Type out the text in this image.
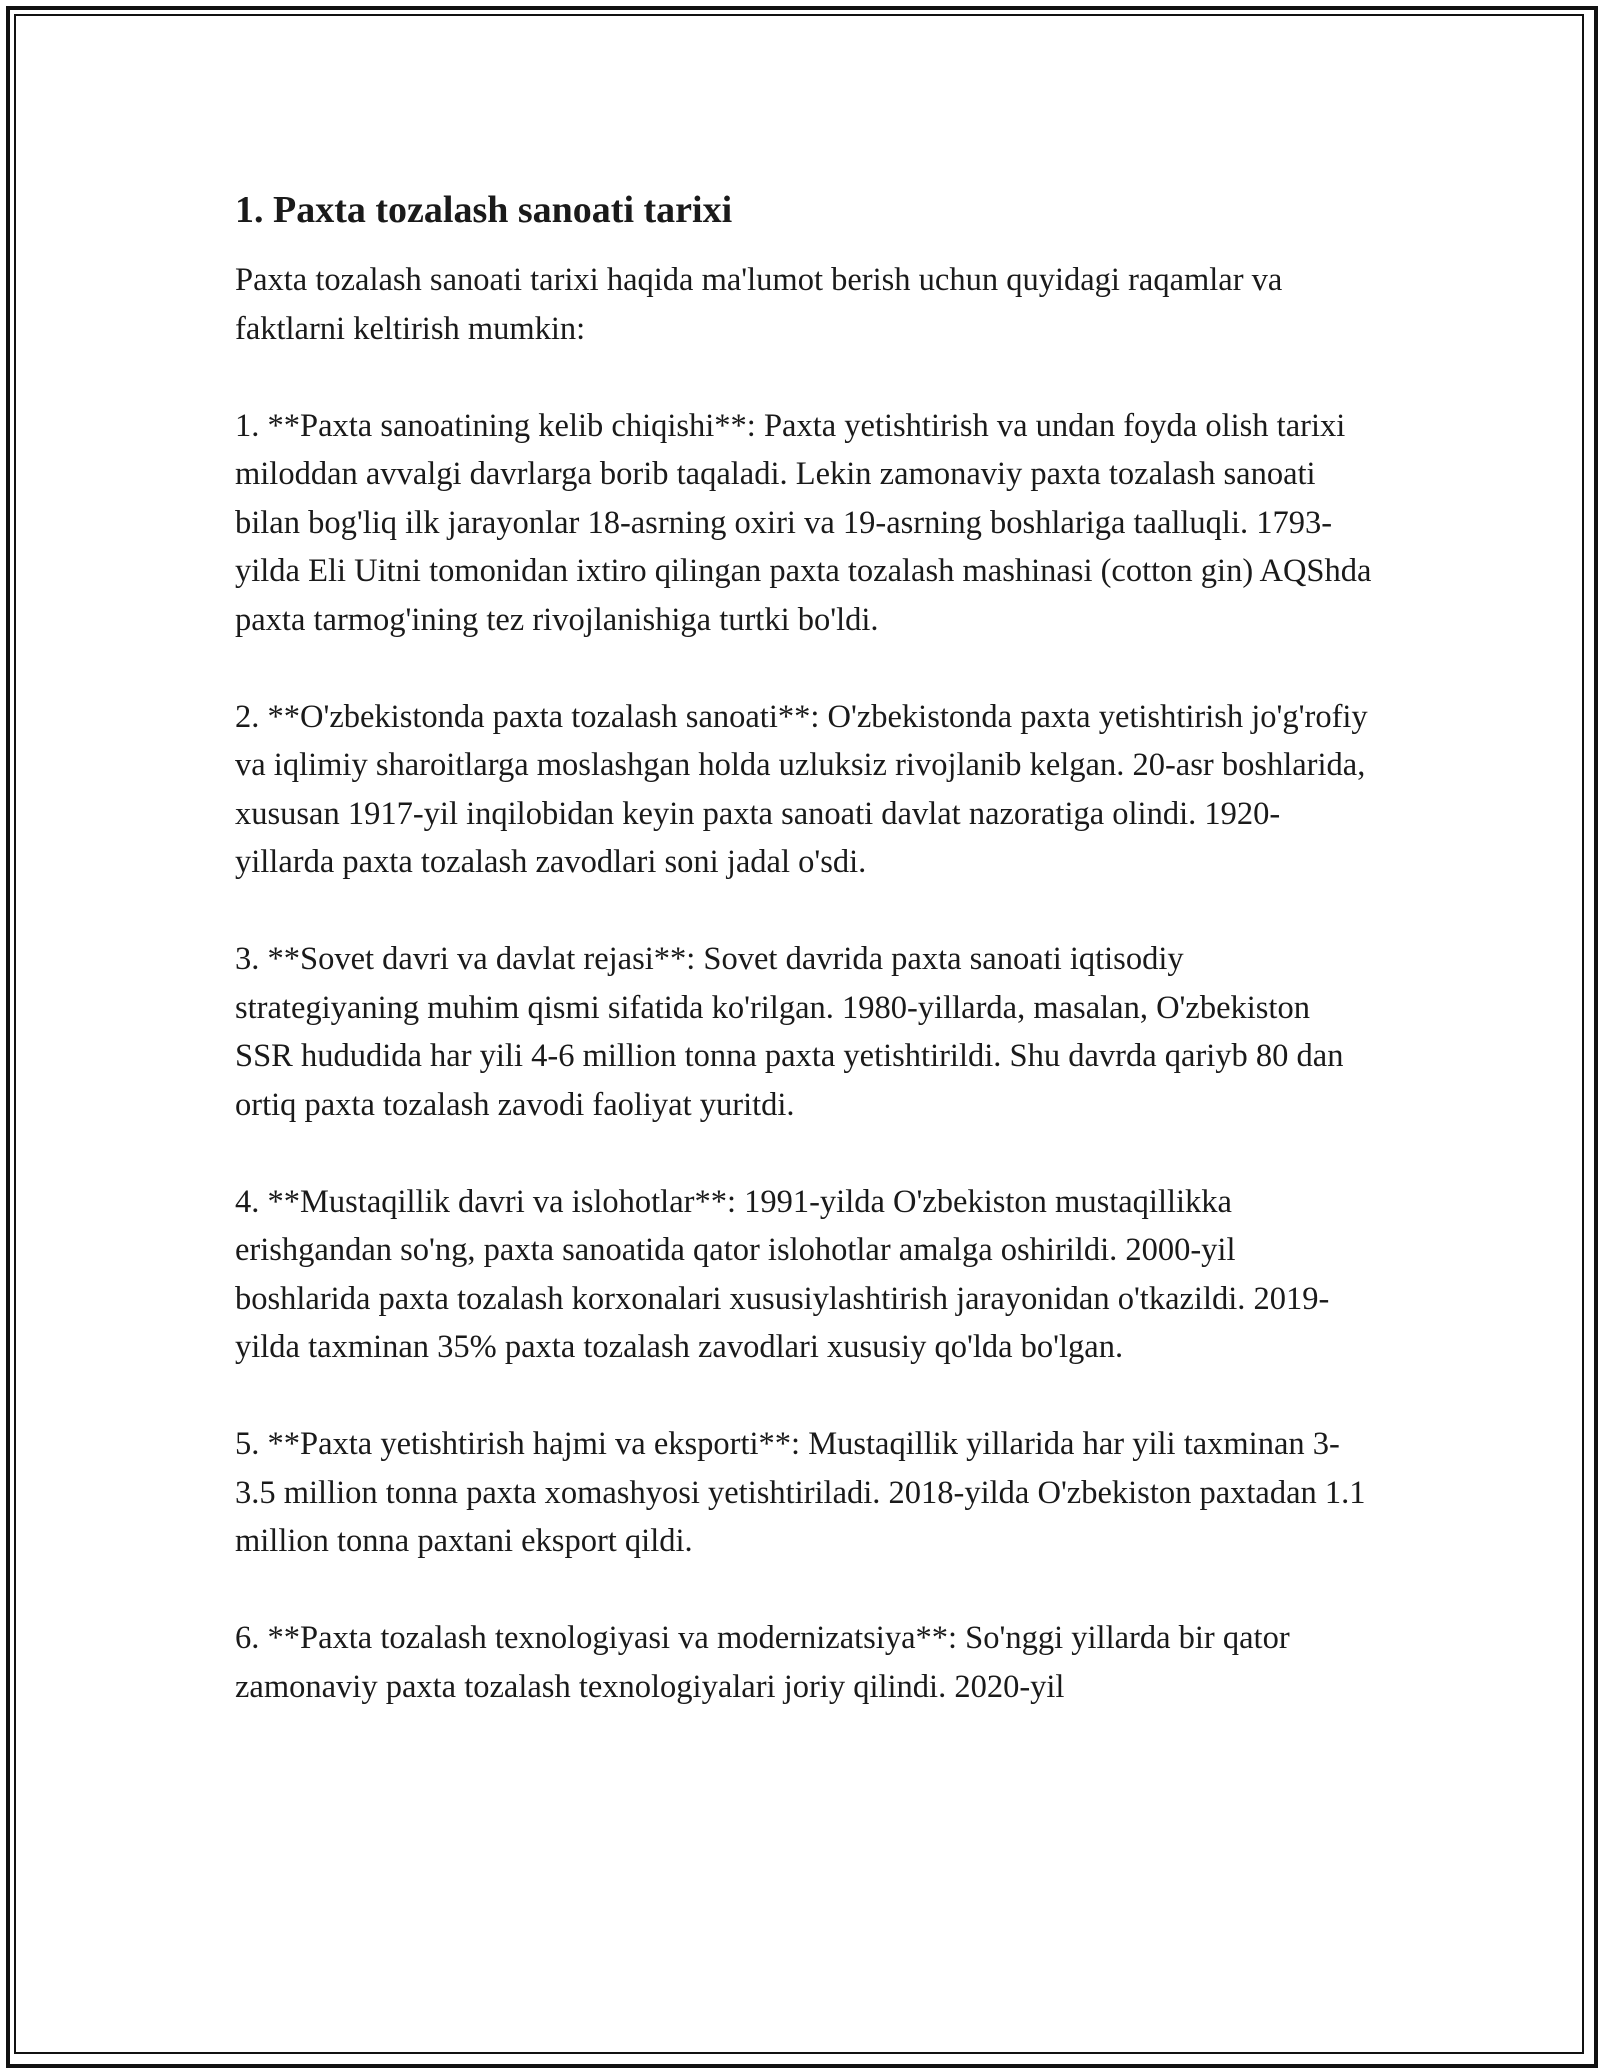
1. Paxta tozalash sanoati tarixi

Paxta tozalash sanoati tarixi haqida ma'lumot berish uchun quyidagi raqamlar va faktlarni keltirish mumkin:

1. **Paxta sanoatining kelib chiqishi**: Paxta yetishtirish va undan foyda olish tarixi miloddan avvalgi davrlarga borib taqaladi. Lekin zamonaviy paxta tozalash sanoati bilan bog'liq ilk jarayonlar 18-asrning oxiri va 19-asrning boshlariga taalluqli. 1793-yilda Eli Uitni tomonidan ixtiro qilingan paxta tozalash mashinasi (cotton gin) AQShda paxta tarmog'ining tez rivojlanishiga turtki bo'ldi.

2. **O'zbekistonda paxta tozalash sanoati**: O'zbekistonda paxta yetishtirish jo'g'rofiy va iqlimiy sharoitlarga moslashgan holda uzluksiz rivojlanib kelgan. 20-asr boshlarida, xususan 1917-yil inqilobidan keyin paxta sanoati davlat nazoratiga olindi. 1920-yillarda paxta tozalash zavodlari soni jadal o'sdi.

3. **Sovet davri va davlat rejasi**: Sovet davrida paxta sanoati iqtisodiy strategiyaning muhim qismi sifatida ko'rilgan. 1980-yillarda, masalan, O'zbekiston SSR hududida har yili 4-6 million tonna paxta yetishtirildi. Shu davrda qariyb 80 dan ortiq paxta tozalash zavodi faoliyat yuritdi.

4. **Mustaqillik davri va islohotlar**: 1991-yilda O'zbekiston mustaqillikka erishgandan so'ng, paxta sanoatida qator islohotlar amalga oshirildi. 2000-yil boshlarida paxta tozalash korxonalari xususiylashtirish jarayonidan o'tkazildi. 2019-yilda taxminan 35% paxta tozalash zavodlari xususiy qo'lda bo'lgan.

5. **Paxta yetishtirish hajmi va eksporti**: Mustaqillik yillarida har yili taxminan 3-3.5 million tonna paxta xomashyosi yetishtiriladi. 2018-yilda O'zbekiston paxtadan 1.1 million tonna paxtani eksport qildi.

6. **Paxta tozalash texnologiyasi va modernizatsiya**: So'nggi yillarda bir qator zamonaviy paxta tozalash texnologiyalari joriy qilindi. 2020-yil
